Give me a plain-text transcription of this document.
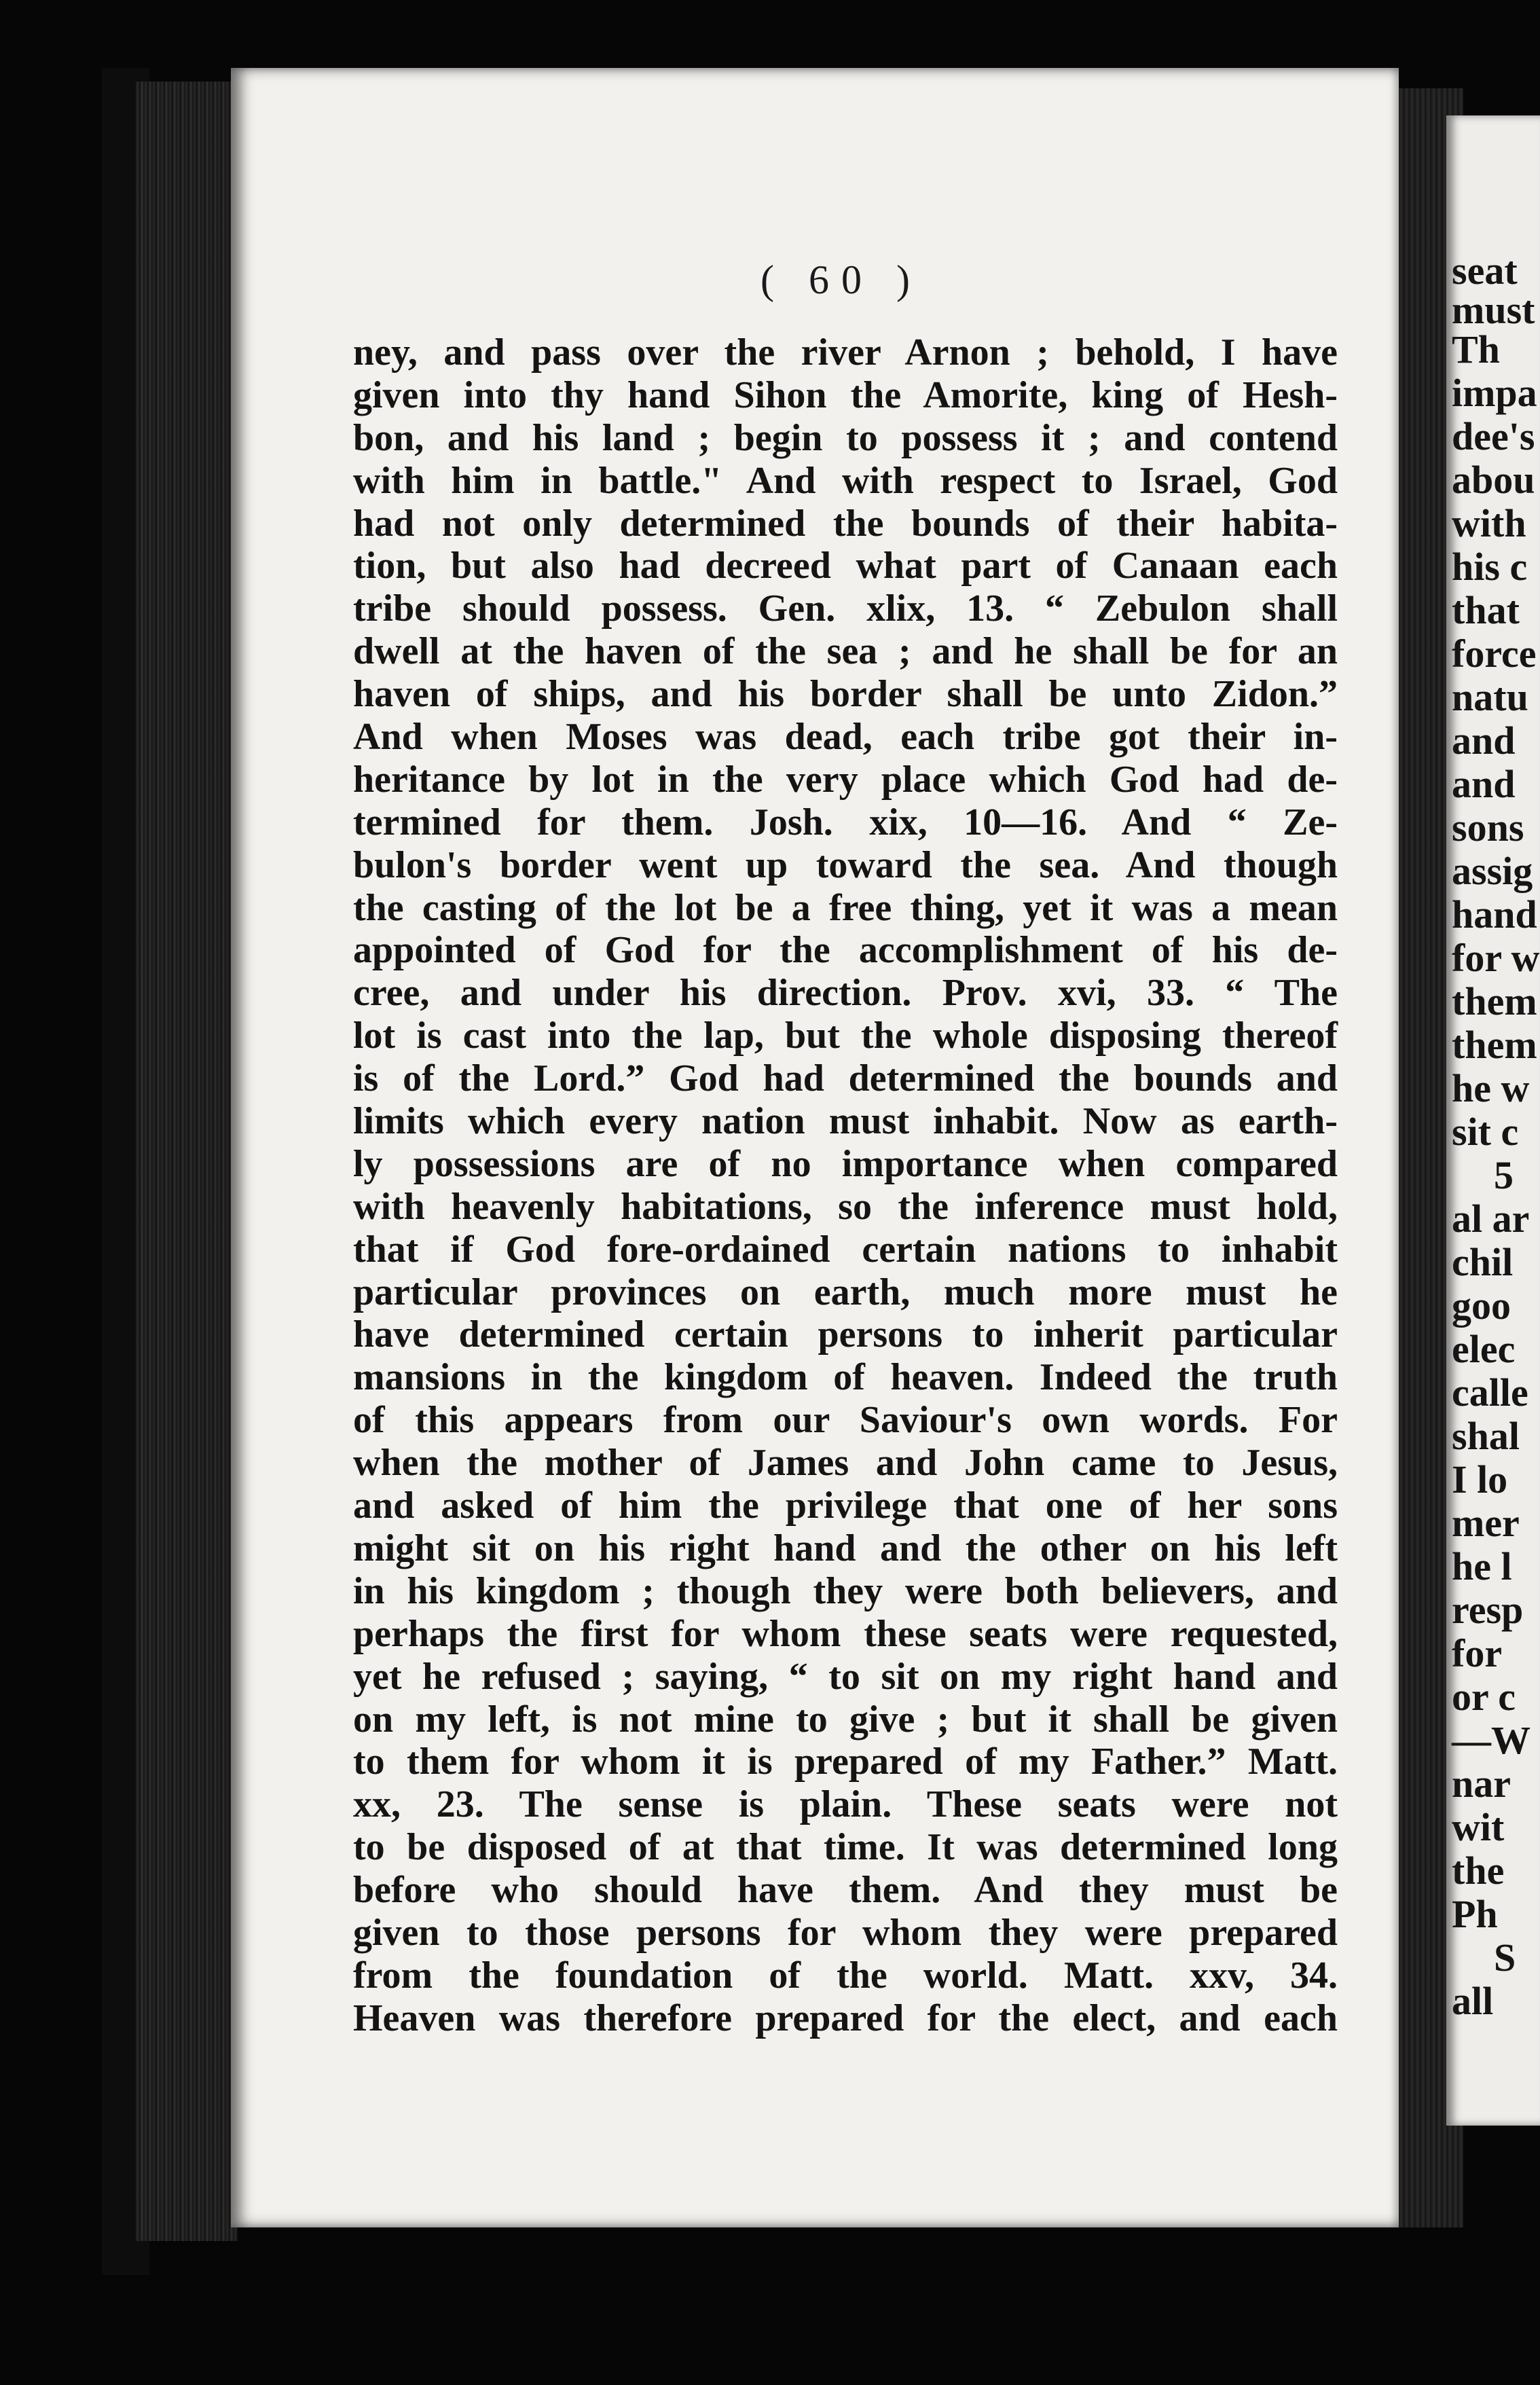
seat
must
Th
impa
dee's
abou
with
his c
that
force
natu
and
and
sons
assig
hand
for w
them
them
he w
sit c
5
al ar
chil
goo
elec
calle
shal
I lo
mer
he l
resp
for
or c
—W
nar
wit
the
Ph
S
all
( 60 )
ney, and pass over the river Arnon ; behold, I have
given into thy hand Sihon the Amorite, king of Hesh-
bon, and his land ; begin to possess it ; and contend
with him in battle." And with respect to Israel, God
had not only determined the bounds of their habita-
tion, but also had decreed what part of Canaan each
tribe should possess. Gen. xlix, 13. “ Zebulon shall
dwell at the haven of the sea ; and he shall be for an
haven of ships, and his border shall be unto Zidon.”
And when Moses was dead, each tribe got their in-
heritance by lot in the very place which God had de-
termined for them. Josh. xix, 10—16. And “ Ze-
bulon's border went up toward the sea. And though
the casting of the lot be a free thing, yet it was a mean
appointed of God for the accomplishment of his de-
cree, and under his direction. Prov. xvi, 33. “ The
lot is cast into the lap, but the whole disposing thereof
is of the Lord.” God had determined the bounds and
limits which every nation must inhabit. Now as earth-
ly possessions are of no importance when compared
with heavenly habitations, so the inference must hold,
that if God fore-ordained certain nations to inhabit
particular provinces on earth, much more must he
have determined certain persons to inherit particular
mansions in the kingdom of heaven. Indeed the truth
of this appears from our Saviour's own words. For
when the mother of James and John came to Jesus,
and asked of him the privilege that one of her sons
might sit on his right hand and the other on his left
in his kingdom ; though they were both believers, and
perhaps the first for whom these seats were requested,
yet he refused ; saying, “ to sit on my right hand and
on my left, is not mine to give ; but it shall be given
to them for whom it is prepared of my Father.” Matt.
xx, 23. The sense is plain. These seats were not
to be disposed of at that time. It was determined long
before who should have them. And they must be
given to those persons for whom they were prepared
from the foundation of the world. Matt. xxv, 34.
Heaven was therefore prepared for the elect, and each
